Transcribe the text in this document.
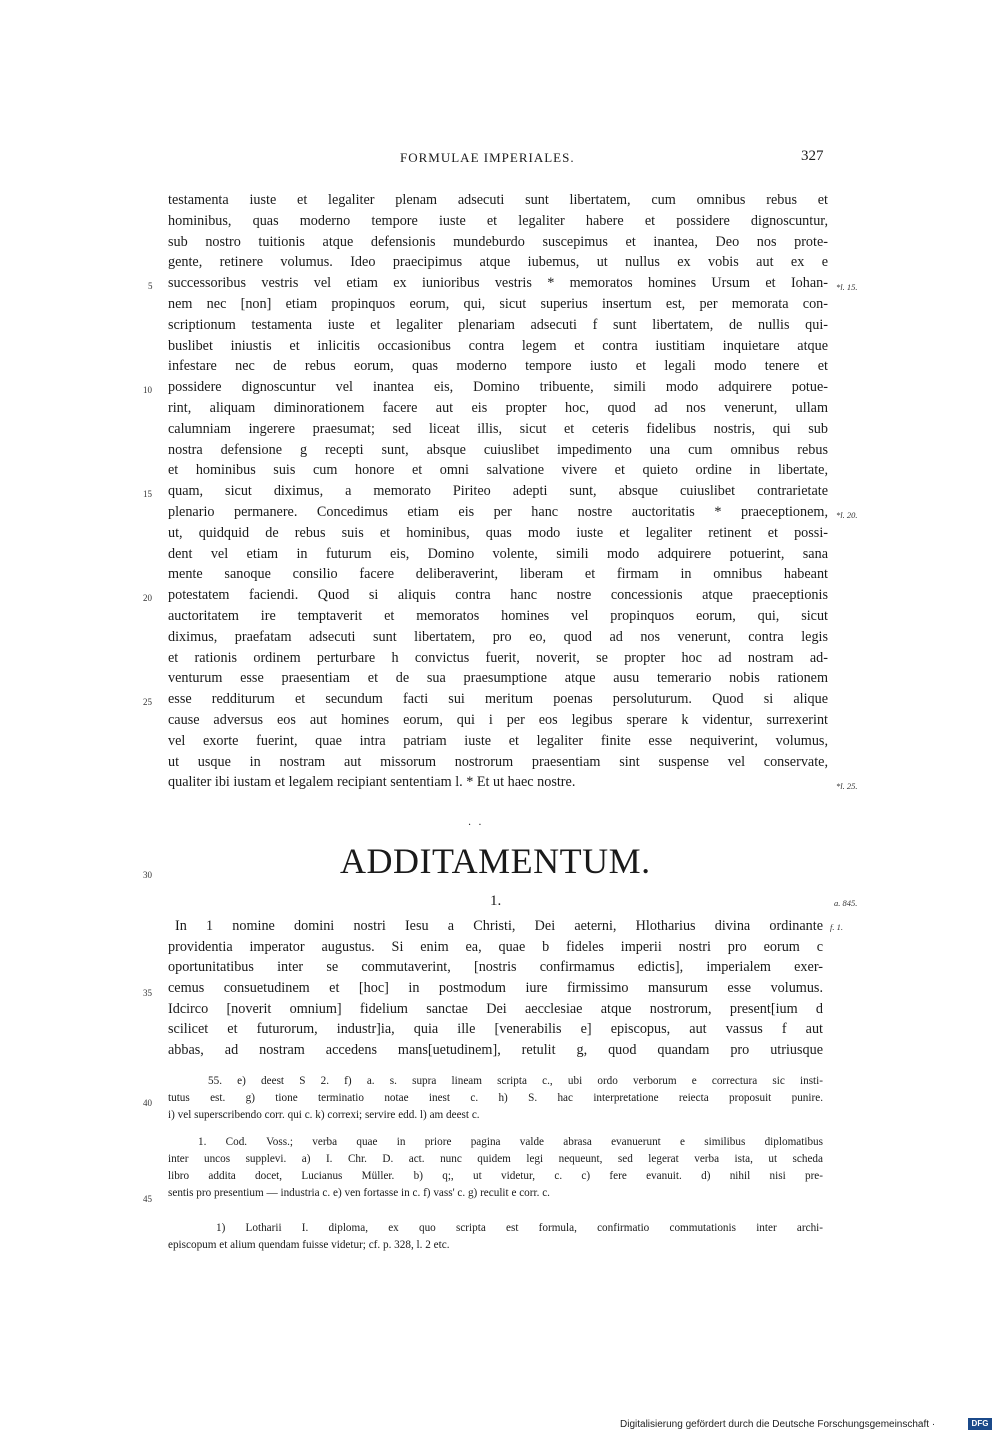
FORMULAE IMPERIALES.	327
testamenta iuste et legaliter plenam adsecuti sunt libertatem, cum omnibus rebus et
hominibus, quas moderno tempore iuste et legaliter habere et possidere dignoscuntur,
sub nostro tuitionis atque defensionis mundeburdo suscepimus et inantea, Deo nos prote-
gente, retinere volumus. Ideo praecipimus atque iubemus, ut nullus ex vobis aut ex e
successoribus vestris vel etiam ex iunioribus vestris * memoratos homines Ursum et Iohan-
nem nec [non] etiam propinquos eorum, qui, sicut superius insertum est, per memorata con-
scriptionum testamenta iuste et legaliter plenariam adsecuti f sunt libertatem, de nullis qui-
buslibet iniustis et inlicitis occasionibus contra legem et contra iustitiam inquietare atque
infestare nec de rebus eorum, quas moderno tempore iusto et legali modo tenere et
possidere dignoscuntur vel inantea eis, Domino tribuente, simili modo adquirere potue-
rint, aliquam diminorationem facere aut eis propter hoc, quod ad nos venerunt, ullam
calumniam ingerere praesumat; sed liceat illis, sicut et ceteris fidelibus nostris, qui sub
nostra defensione g recepti sunt, absque cuiuslibet impedimento una cum omnibus rebus
et hominibus suis cum honore et omni salvatione vivere et quieto ordine in libertate,
quam, sicut diximus, a memorato Piriteo adepti sunt, absque cuiuslibet contrarietate
plenario permanere. Concedimus etiam eis per hanc nostre auctoritatis * praeceptionem,
ut, quidquid de rebus suis et hominibus, quas modo iuste et legaliter retinent et possi-
dent vel etiam in futurum eis, Domino volente, simili modo adquirere potuerint, sana
mente sanoque consilio facere deliberaverint, liberam et firmam in omnibus habeant
potestatem faciendi. Quod si aliquis contra hanc nostre concessionis atque praeceptionis
auctoritatem ire temptaverit et memoratos homines vel propinquos eorum, qui, sicut
diximus, praefatam adsecuti sunt libertatem, pro eo, quod ad nos venerunt, contra legis
et rationis ordinem perturbare h convictus fuerit, noverit, se propter hoc ad nostram ad-
venturum esse praesentiam et de sua praesumptione atque ausu temerario nobis rationem
esse redditurum et secundum facti sui meritum poenas persoluturum. Quod si alique
cause adversus eos aut homines eorum, qui i per eos legibus sperare k videntur, surrexerint
vel exorte fuerint, quae intra patriam iuste et legaliter finite esse nequiverint, volumus,
ut usque in nostram aut missorum nostrorum praesentiam sint suspense vel conservate,
qualiter ibi iustam et legalem recipiant sententiam l. * Et ut haec nostre.
5
10
15
20
25
30
35
40
45
*l. 15.
*l. 20.
*l. 25.
a. 845.
f. 1.
· ·
ADDITAMENTUM.
1.
In 1 nomine domini nostri Iesu a Christi, Dei aeterni, Hlotharius divina ordinante
providentia imperator augustus. Si enim ea, quae b fideles imperii nostri pro eorum c
oportunitatibus inter se commutaverint, [nostris confirmamus edictis], imperialem exer-
cemus consuetudinem et [hoc] in postmodum iure firmissimo mansurum esse volumus.
Idcirco [noverit omnium] fidelium sanctae Dei aecclesiae atque nostrorum, present[ium d
scilicet et futurorum, industr]ia, quia ille [venerabilis e] episcopus, aut vassus f aut
abbas, ad nostram accedens mans[uetudinem], retulit g, quod quandam pro utriusque
55. e) deest S 2. f) a. s. supra lineam scripta c., ubi ordo verborum e correctura sic insti-
tutus est. g) tione terminatio notae inest c. h) S. hac interpretatione reiecta proposuit punire.
i) vel superscribendo corr. qui c. k) correxi; servire edd. l) am deest c.
1. Cod. Voss.; verba quae in priore pagina valde abrasa evanuerunt e similibus diplomatibus
inter uncos supplevi. a) I. Chr. D. act. nunc quidem legi nequeunt, sed legerat verba ista, ut scheda
libro addita docet, Lucianus Müller. b) q;, ut videtur, c. c) fere evanuit. d) nihil nisi pre-
sentis pro presentium — industria c. e) ven fortasse in c. f) vass' c. g) reculit e corr. c.
1) Lotharii I. diploma, ex quo scripta est formula, confirmatio commutationis inter archi-
episcopum et alium quendam fuisse videtur; cf. p. 328, l. 2 etc.
Digitalisierung gefördert durch die Deutsche Forschungsgemeinschaft ·	DFG
